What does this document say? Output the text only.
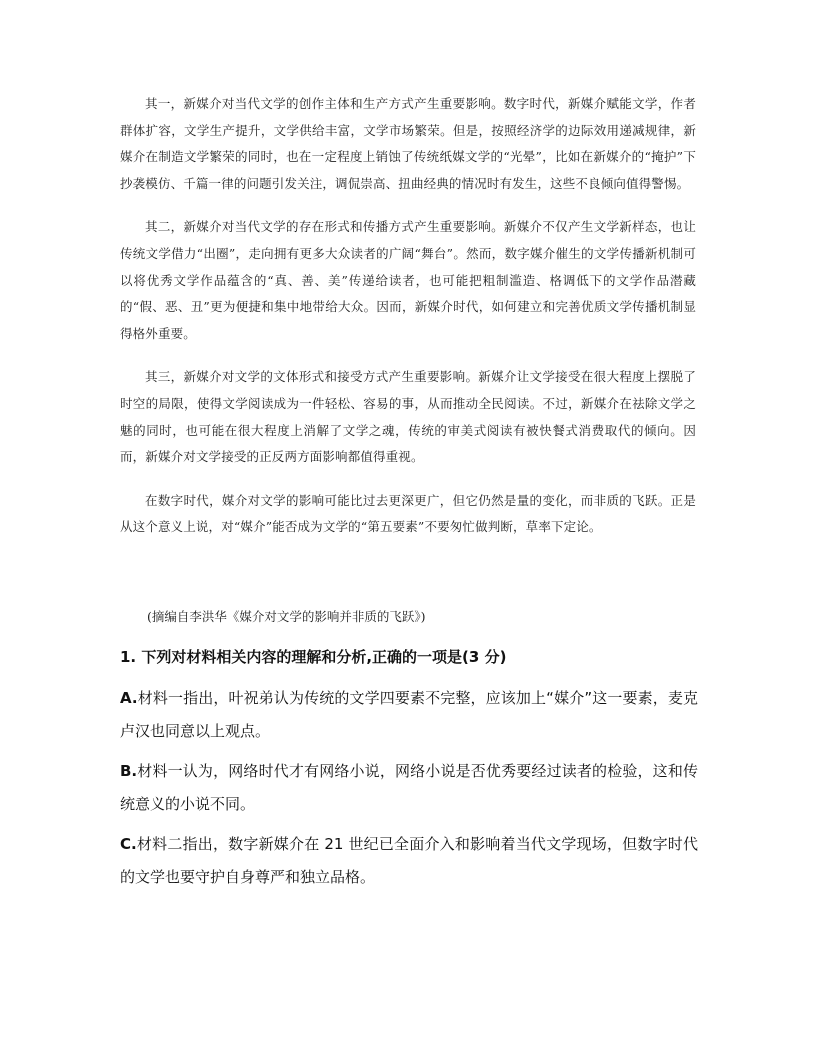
其一，新媒介对当代文学的创作主体和生产方式产生重要影响。数字时代，新媒介赋能文学，作者群体扩容，文学生产提升，文学供给丰富，文学市场繁荣。但是，按照经济学的边际效用递减规律，新媒介在制造文学繁荣的同时，也在一定程度上销蚀了传统纸媒文学的“光晕”，比如在新媒介的“掩护”下抄袭模仿、千篇一律的问题引发关注，调侃崇高、扭曲经典的情况时有发生，这些不良倾向值得警惕。

其二，新媒介对当代文学的存在形式和传播方式产生重要影响。新媒介不仅产生文学新样态，也让传统文学借力“出圈”，走向拥有更多大众读者的广阔“舞台”。然而，数字媒介催生的文学传播新机制可以将优秀文学作品蕴含的“真、善、美”传递给读者，也可能把粗制滥造、格调低下的文学作品潜藏的“假、恶、丑”更为便捷和集中地带给大众。因而，新媒介时代，如何建立和完善优质文学传播机制显得格外重要。

其三，新媒介对文学的文体形式和接受方式产生重要影响。新媒介让文学接受在很大程度上摆脱了时空的局限，使得文学阅读成为一件轻松、容易的事，从而推动全民阅读。不过，新媒介在祛除文学之魅的同时，也可能在很大程度上消解了文学之魂，传统的审美式阅读有被快餐式消费取代的倾向。因而，新媒介对文学接受的正反两方面影响都值得重视。

在数字时代，媒介对文学的影响可能比过去更深更广，但它仍然是量的变化，而非质的飞跃。正是从这个意义上说，对“媒介”能否成为文学的“第五要素”不要匆忙做判断，草率下定论。

(摘编自李洪华《媒介对文学的影响并非质的飞跃》)
1. 下列对材料相关内容的理解和分析,正确的一项是(3 分)
A.材料一指出，叶祝弟认为传统的文学四要素不完整，应该加上“媒介”这一要素，麦克卢汉也同意以上观点。
B.材料一认为，网络时代才有网络小说，网络小说是否优秀要经过读者的检验，这和传统意义的小说不同。
C.材料二指出，数字新媒介在 21 世纪已全面介入和影响着当代文学现场，但数字时代的文学也要守护自身尊严和独立品格。
